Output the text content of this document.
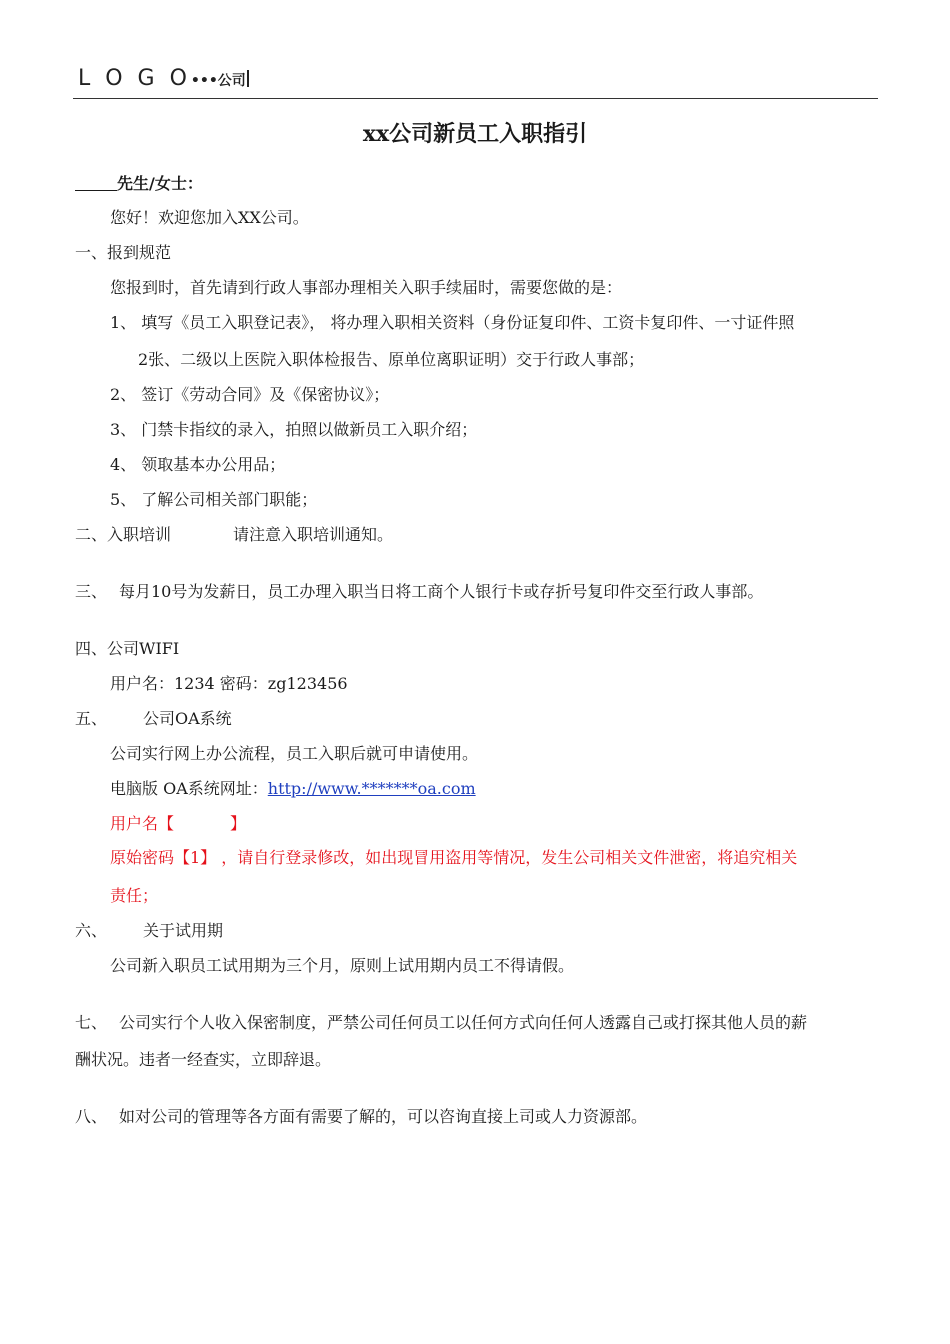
L O G O•••公司
xx公司新员工入职指引
先生/女士：
您好！欢迎您加入XX公司。
一、报到规范
您报到时，首先请到行政人事部办理相关入职手续届时，需要您做的是：
1、 填写《员工入职登记表》， 将办理入职相关资料（身份证复印件、工资卡复印件、一寸证件照
2张、二级以上医院入职体检报告、原单位离职证明）交于行政人事部；
2、 签订《劳动合同》及《保密协议》；
3、 门禁卡指纹的录入，拍照以做新员工入职介绍；
4、 领取基本办公用品；
5、 了解公司相关部门职能；
二、入职培训	请注意入职培训通知。
三、 每月10号为发薪日，员工办理入职当日将工商个人银行卡或存折号复印件交至行政人事部。
四、公司WIFI
用户名：1234 密码：zg123456
五、 公司OA系统
公司实行网上办公流程，员工入职后就可申请使用。
电脑版 OA系统网址：http://www.*******oa.com
用户名【	】
原始密码【1】 ，请自行登录修改，如出现冒用盗用等情况，发生公司相关文件泄密，将追究相关
责任；
六、 关于试用期
公司新入职员工试用期为三个月，原则上试用期内员工不得请假。
七、 公司实行个人收入保密制度，严禁公司任何员工以任何方式向任何人透露自己或打探其他人员的薪
酬状况。违者一经查实，立即辞退。
八、 如对公司的管理等各方面有需要了解的，可以咨询直接上司或人力资源部。
